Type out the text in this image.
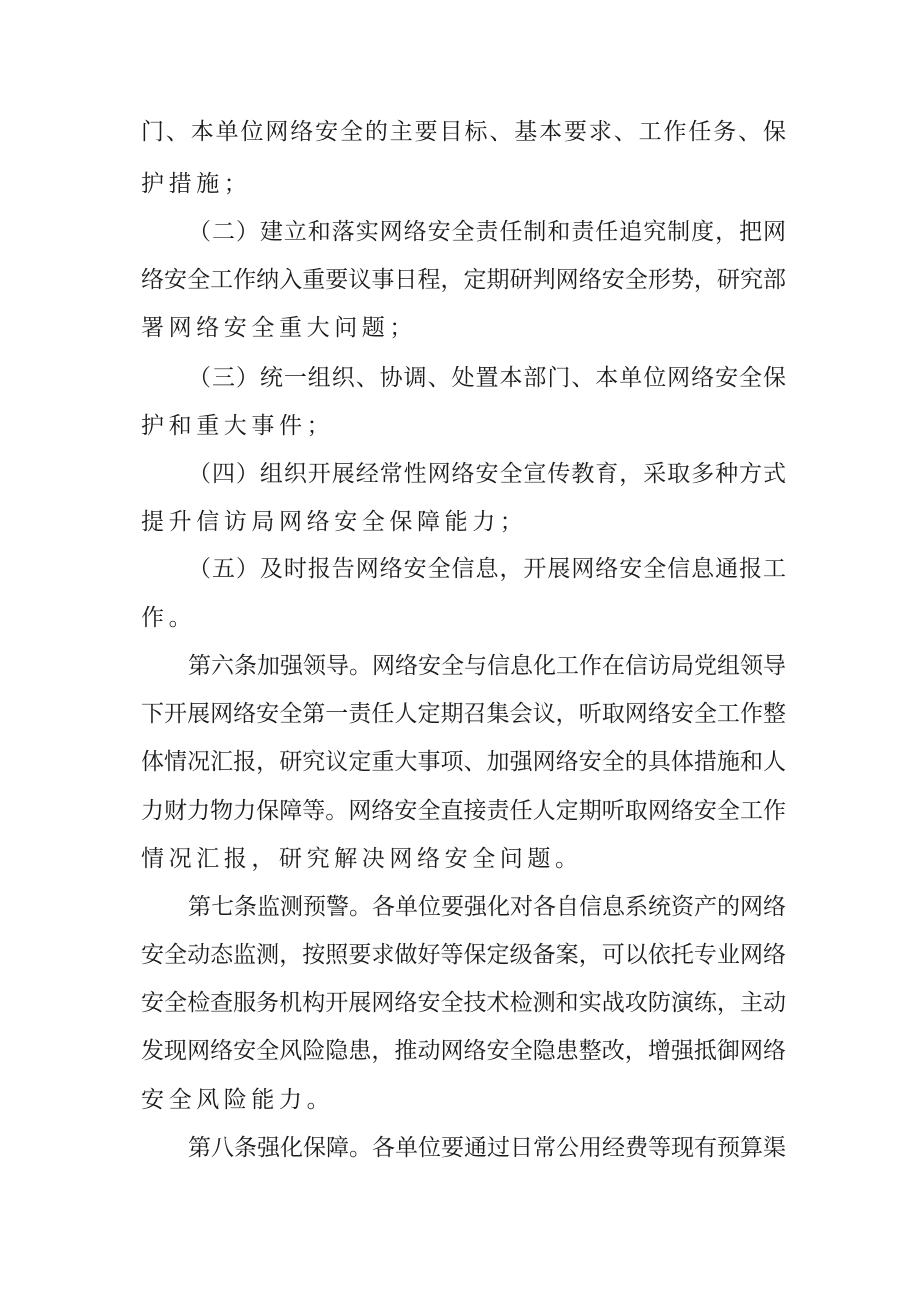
门、本单位网络安全的主要目标、基本要求、工作任务、保
护措施；
（二）建立和落实网络安全责任制和责任追究制度，把网
络安全工作纳入重要议事日程，定期研判网络安全形势，研究部
署网络安全重大问题；
（三）统一组织、协调、处置本部门、本单位网络安全保
护和重大事件；
（四）组织开展经常性网络安全宣传教育，采取多种方式
提升信访局网络安全保障能力；
（五）及时报告网络安全信息，开展网络安全信息通报工
作。
第六条加强领导。网络安全与信息化工作在信访局党组领导
下开展网络安全第一责任人定期召集会议，听取网络安全工作整
体情况汇报，研究议定重大事项、加强网络安全的具体措施和人
力财力物力保障等。网络安全直接责任人定期听取网络安全工作
情况汇报，研究解决网络安全问题。
第七条监测预警。各单位要强化对各自信息系统资产的网络
安全动态监测，按照要求做好等保定级备案，可以依托专业网络
安全检查服务机构开展网络安全技术检测和实战攻防演练，主动
发现网络安全风险隐患，推动网络安全隐患整改，增强抵御网络
安全风险能力。
第八条强化保障。各单位要通过日常公用经费等现有预算渠
